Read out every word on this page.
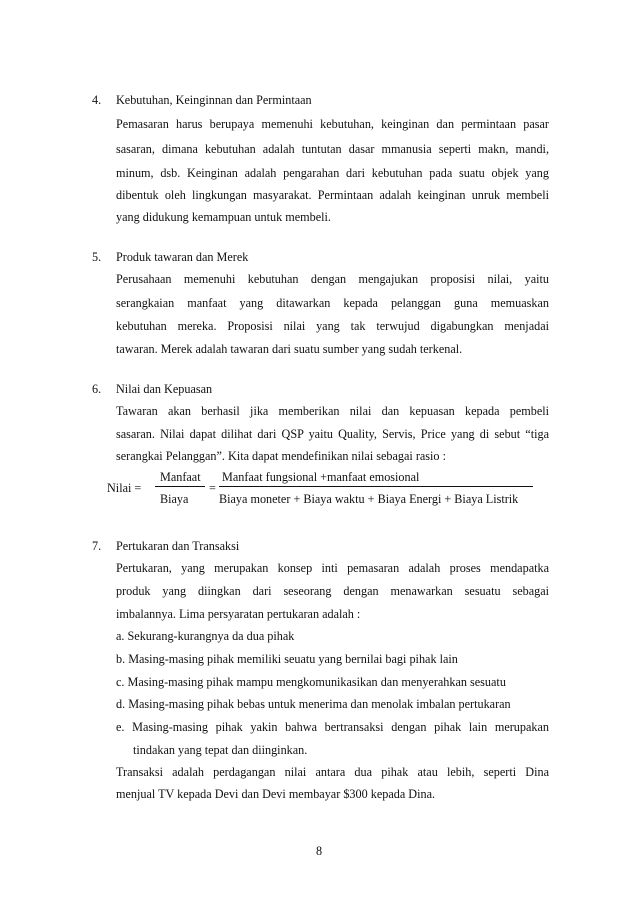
4. Kebutuhan, Keinginnan dan Permintaan
Pemasaran harus berupaya memenuhi kebutuhan, keinginan dan permintaan pasar
sasaran, dimana kebutuhan adalah tuntutan dasar mmanusia seperti makn, mandi,
minum, dsb. Keinginan adalah pengarahan dari kebutuhan pada suatu objek yang
dibentuk oleh lingkungan masyarakat. Permintaan adalah keinginan unruk membeli
yang didukung kemampuan untuk membeli.
5. Produk tawaran dan Merek
Perusahaan memenuhi kebutuhan dengan mengajukan proposisi nilai, yaitu
serangkaian manfaat yang ditawarkan kepada pelanggan guna memuaskan
kebutuhan mereka. Proposisi nilai yang tak terwujud digabungkan menjadai
tawaran. Merek adalah tawaran dari suatu sumber yang sudah terkenal.
6. Nilai dan Kepuasan
Tawaran akan berhasil jika memberikan nilai dan kepuasan kepada pembeli
sasaran. Nilai dapat dilihat dari QSP yaitu Quality, Servis, Price yang di sebut “tiga
serangkai Pelanggan”. Kita dapat mendefinikan nilai sebagai rasio :
Nilai =
Manfaat
Biaya
=
Manfaat fungsional +manfaat emosional
Biaya moneter + Biaya waktu + Biaya Energi + Biaya Listrik
7. Pertukaran dan Transaksi
Pertukaran, yang merupakan konsep inti pemasaran adalah proses mendapatka
produk yang diingkan dari seseorang dengan menawarkan sesuatu sebagai
imbalannya. Lima persyaratan pertukaran adalah :
a. Sekurang-kurangnya da dua pihak
b. Masing-masing pihak memiliki seuatu yang bernilai bagi pihak lain
c. Masing-masing pihak mampu mengkomunikasikan dan menyerahkan sesuatu
d. Masing-masing pihak bebas untuk menerima dan menolak imbalan pertukaran
e. Masing-masing pihak yakin bahwa bertransaksi dengan pihak lain merupakan
tindakan yang tepat dan diinginkan.
Transaksi adalah perdagangan nilai antara dua pihak atau lebih, seperti Dina
menjual TV kepada Devi dan Devi membayar $300 kepada Dina.
8
